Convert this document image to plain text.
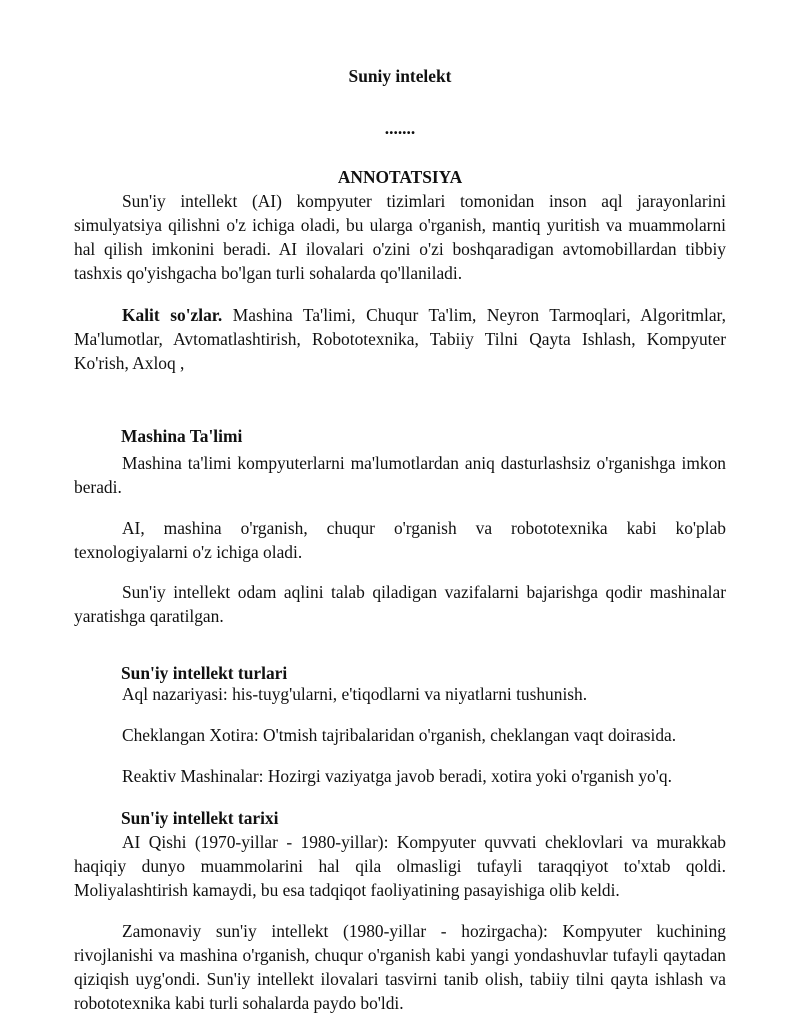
Suniy intelekt
.......
ANNOTATSIYA

Sun'iy intellekt (AI) kompyuter tizimlari tomonidan inson aql jarayonlarini simulyatsiya qilishni o'z ichiga oladi, bu ularga o'rganish, mantiq yuritish va muammolarni hal qilish imkonini beradi. AI ilovalari o'zini o'zi boshqaradigan avtomobillardan tibbiy tashxis qo'yishgacha bo'lgan turli sohalarda qo'llaniladi.

Kalit so'zlar. Mashina Ta'limi, Chuqur Ta'lim, Neyron Tarmoqlari, Algoritmlar, Ma'lumotlar, Avtomatlashtirish, Robototexnika, Tabiiy Tilni Qayta Ishlash, Kompyuter Ko'rish, Axloq ,

Mashina Ta'limi

Mashina ta'limi kompyuterlarni ma'lumotlardan aniq dasturlashsiz o'rganishga imkon beradi.

AI, mashina o'rganish, chuqur o'rganish va robototexnika kabi ko'plab texnologiyalarni o'z ichiga oladi.

Sun'iy intellekt odam aqlini talab qiladigan vazifalarni bajarishga qodir mashinalar yaratishga qaratilgan.

Sun'iy intellekt turlari
Aql nazariyasi: his-tuyg'ularni, e'tiqodlarni va niyatlarni tushunish.
Cheklangan Xotira: O'tmish tajribalaridan o'rganish, cheklangan vaqt doirasida.
Reaktiv Mashinalar: Hozirgi vaziyatga javob beradi, xotira yoki o'rganish yo'q.
Sun'iy intellekt tarixi

AI Qishi (1970-yillar - 1980-yillar): Kompyuter quvvati cheklovlari va murakkab haqiqiy dunyo muammolarini hal qila olmasligi tufayli taraqqiyot to'xtab qoldi. Moliyalashtirish kamaydi, bu esa tadqiqot faoliyatining pasayishiga olib keldi.

Zamonaviy sun'iy intellekt (1980-yillar - hozirgacha): Kompyuter kuchining rivojlanishi va mashina o'rganish, chuqur o'rganish kabi yangi yondashuvlar tufayli qaytadan qiziqish uyg'ondi. Sun'iy intellekt ilovalari tasvirni tanib olish, tabiiy tilni qayta ishlash va robototexnika kabi turli sohalarda paydo bo'ldi.
